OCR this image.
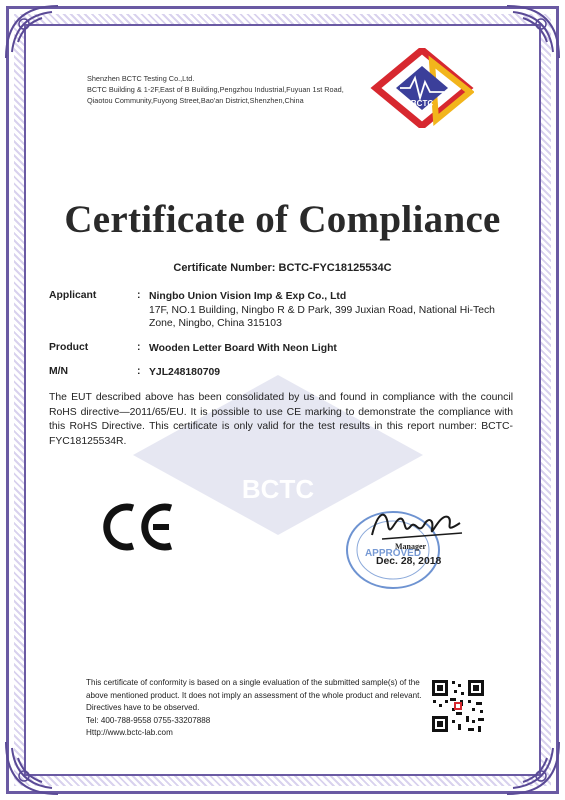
Shenzhen BCTC Testing Co.,Ltd.
BCTC Building & 1-2F,East of B Building,Pengzhou Industrial,Fuyuan 1st Road,
Qiaotou Community,Fuyong Street,Bao'an District,Shenzhen,China	BCTC
BCTC
Certificate of Compliance
Certificate Number: BCTC-FYC18125534C
Applicant	: Ningbo Union Vision Imp & Exp Co., Ltd
17F, NO.1 Building, Ningbo R & D Park, 399 Juxian Road, National Hi-Tech Zone, Ningbo, China 315103
Product	: Wooden Letter Board With Neon Light
M/N	: YJL248180709
The EUT described above has been consolidated by us and found in compliance with the council RoHS directive—2011/65/EU. It is possible to use CE marking to demonstrate the compliance with this RoHS Directive. This certificate is only valid for the test results in this report number: BCTC-FYC18125534R.
CE
APPROVED
Manager
Dec. 28, 2018
This certificate of conformity is based on a single evaluation of the submitted sample(s) of the above mentioned product. It does not imply an assessment of the whole product and relevant. Directives have to be observed.
Tel: 400-788-9558 0755-33207888
Http://www.bctc-lab.com
